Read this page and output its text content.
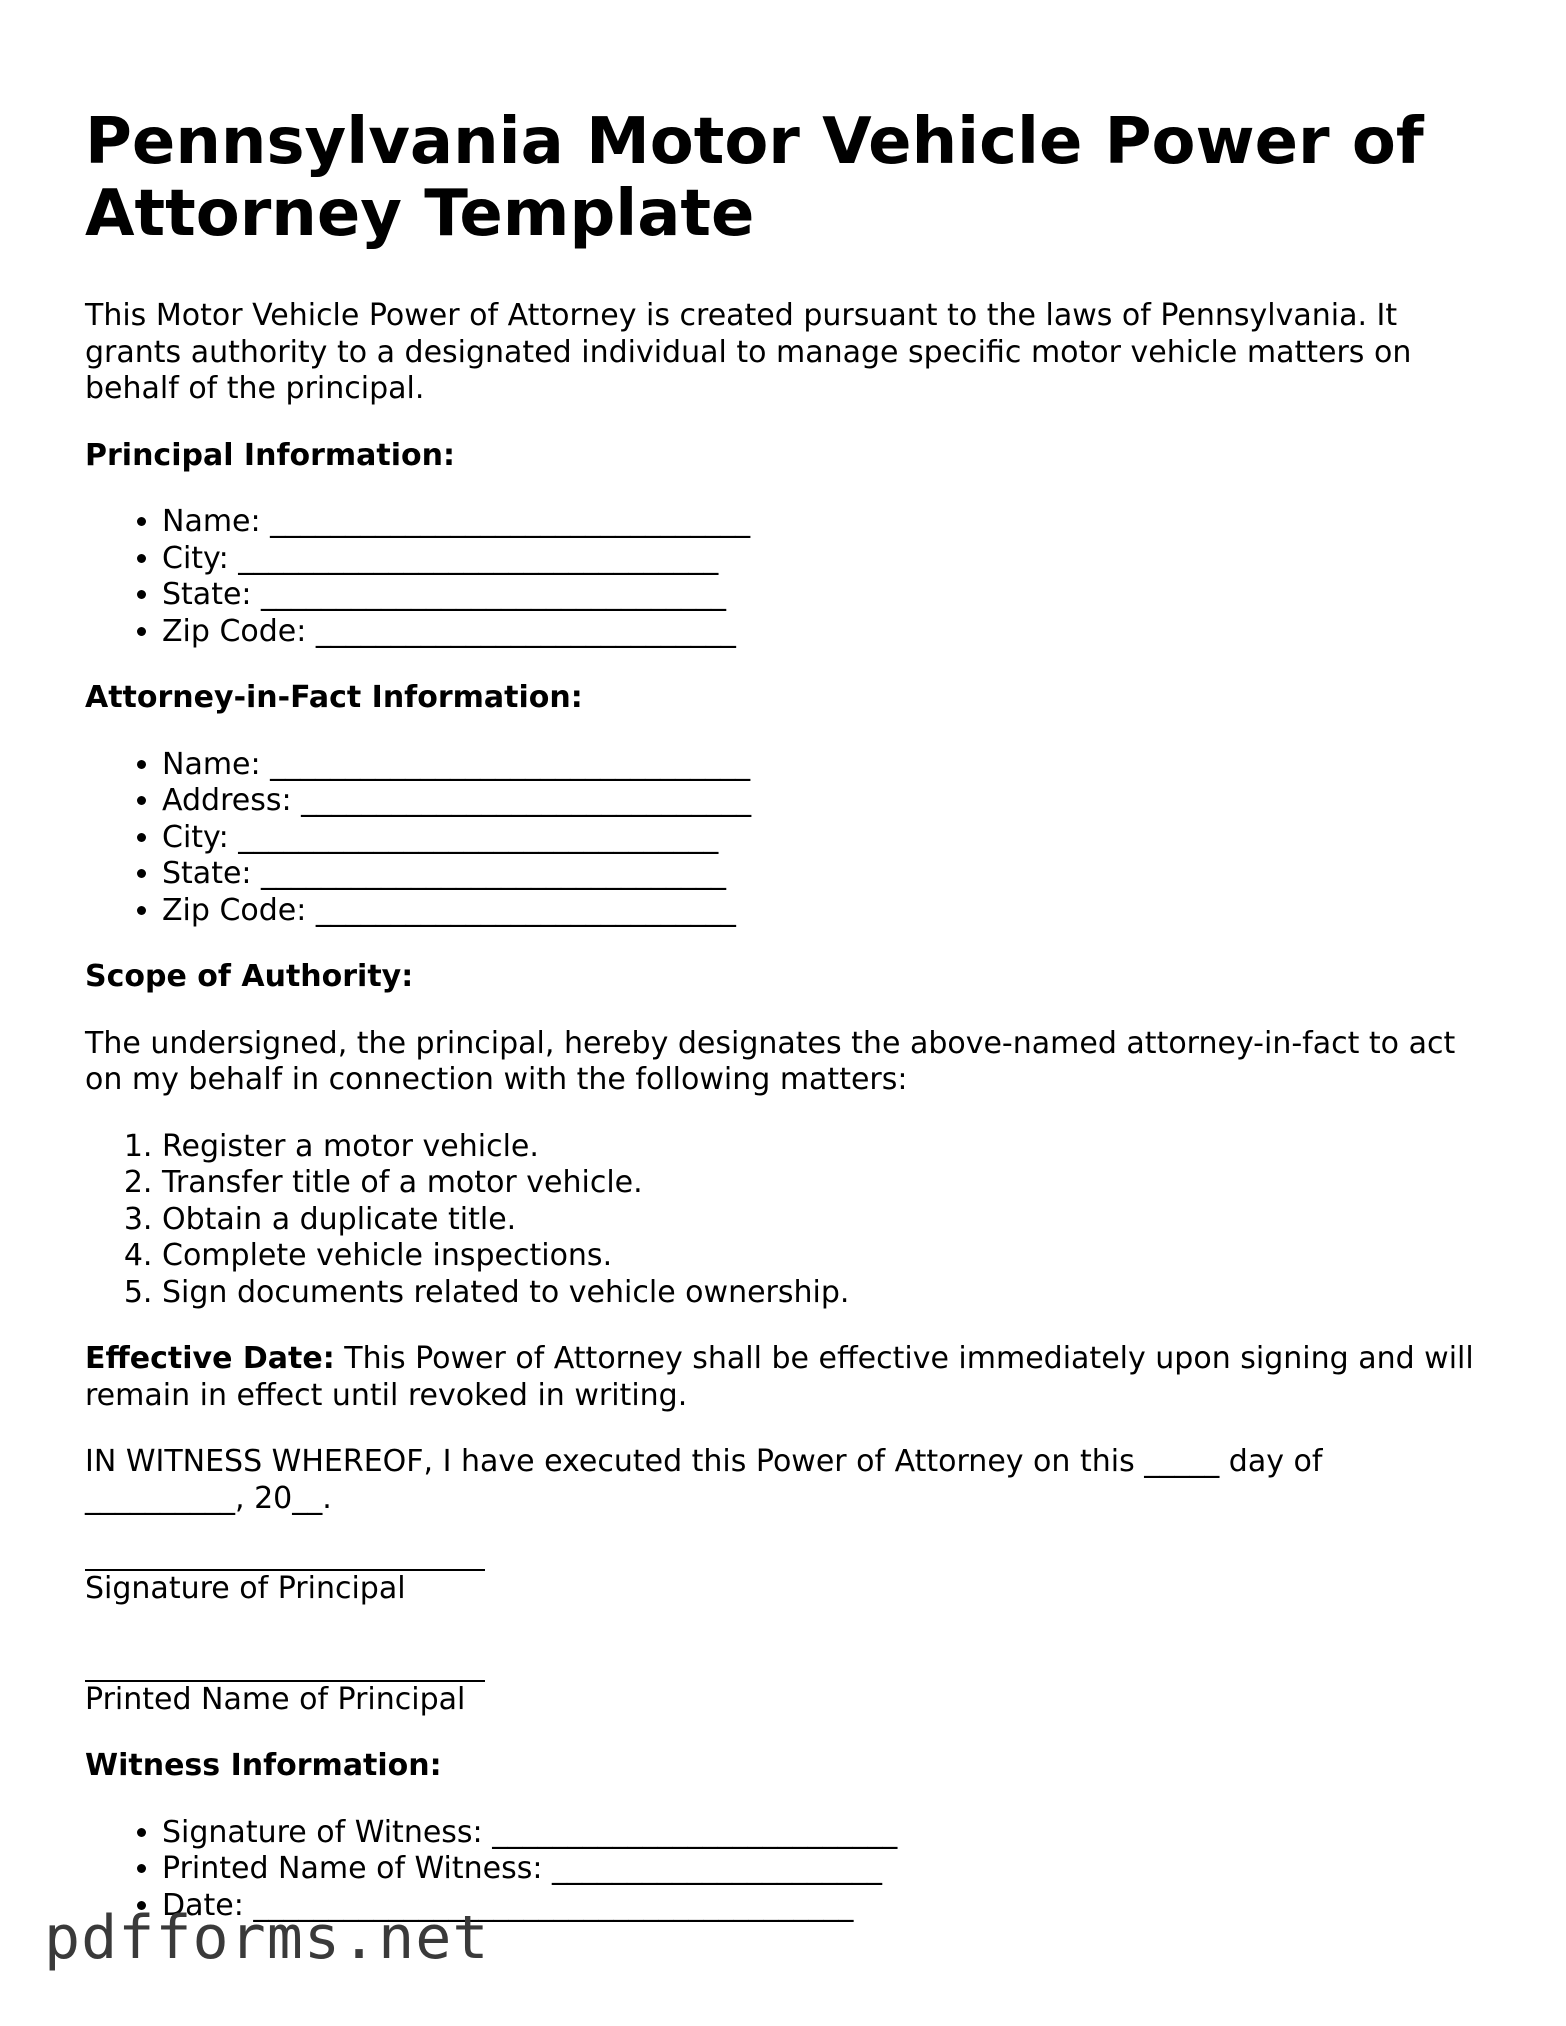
Pennsylvania Motor Vehicle Power of Attorney Template

This Motor Vehicle Power of Attorney is created pursuant to the laws of Pennsylvania. It grants authority to a designated individual to manage specific motor vehicle matters on behalf of the principal.

Principal Information:
• Name: ________________________________
• City: ________________________________
• State: _______________________________
• Zip Code: ____________________________
Attorney-in-Fact Information:
• Name: ________________________________
• Address: ______________________________
• City: ________________________________
• State: _______________________________
• Zip Code: ____________________________
Scope of Authority:

The undersigned, the principal, hereby designates the above-named attorney-in-fact to act on my behalf in connection with the following matters:

1. Register a motor vehicle.
2. Transfer title of a motor vehicle.
3. Obtain a duplicate title.
4. Complete vehicle inspections.
5. Sign documents related to vehicle ownership.

Effective Date: This Power of Attorney shall be effective immediately upon signing and will remain in effect until revoked in writing.

IN WITNESS WHEREOF, I have executed this Power of Attorney on this _____ day of __________, 20__.

Signature of Principal
Printed Name of Principal
Witness Information:
• Signature of Witness: ___________________________
• Printed Name of Witness: ______________________
• Date: ________________________________________
pdfforms.net
